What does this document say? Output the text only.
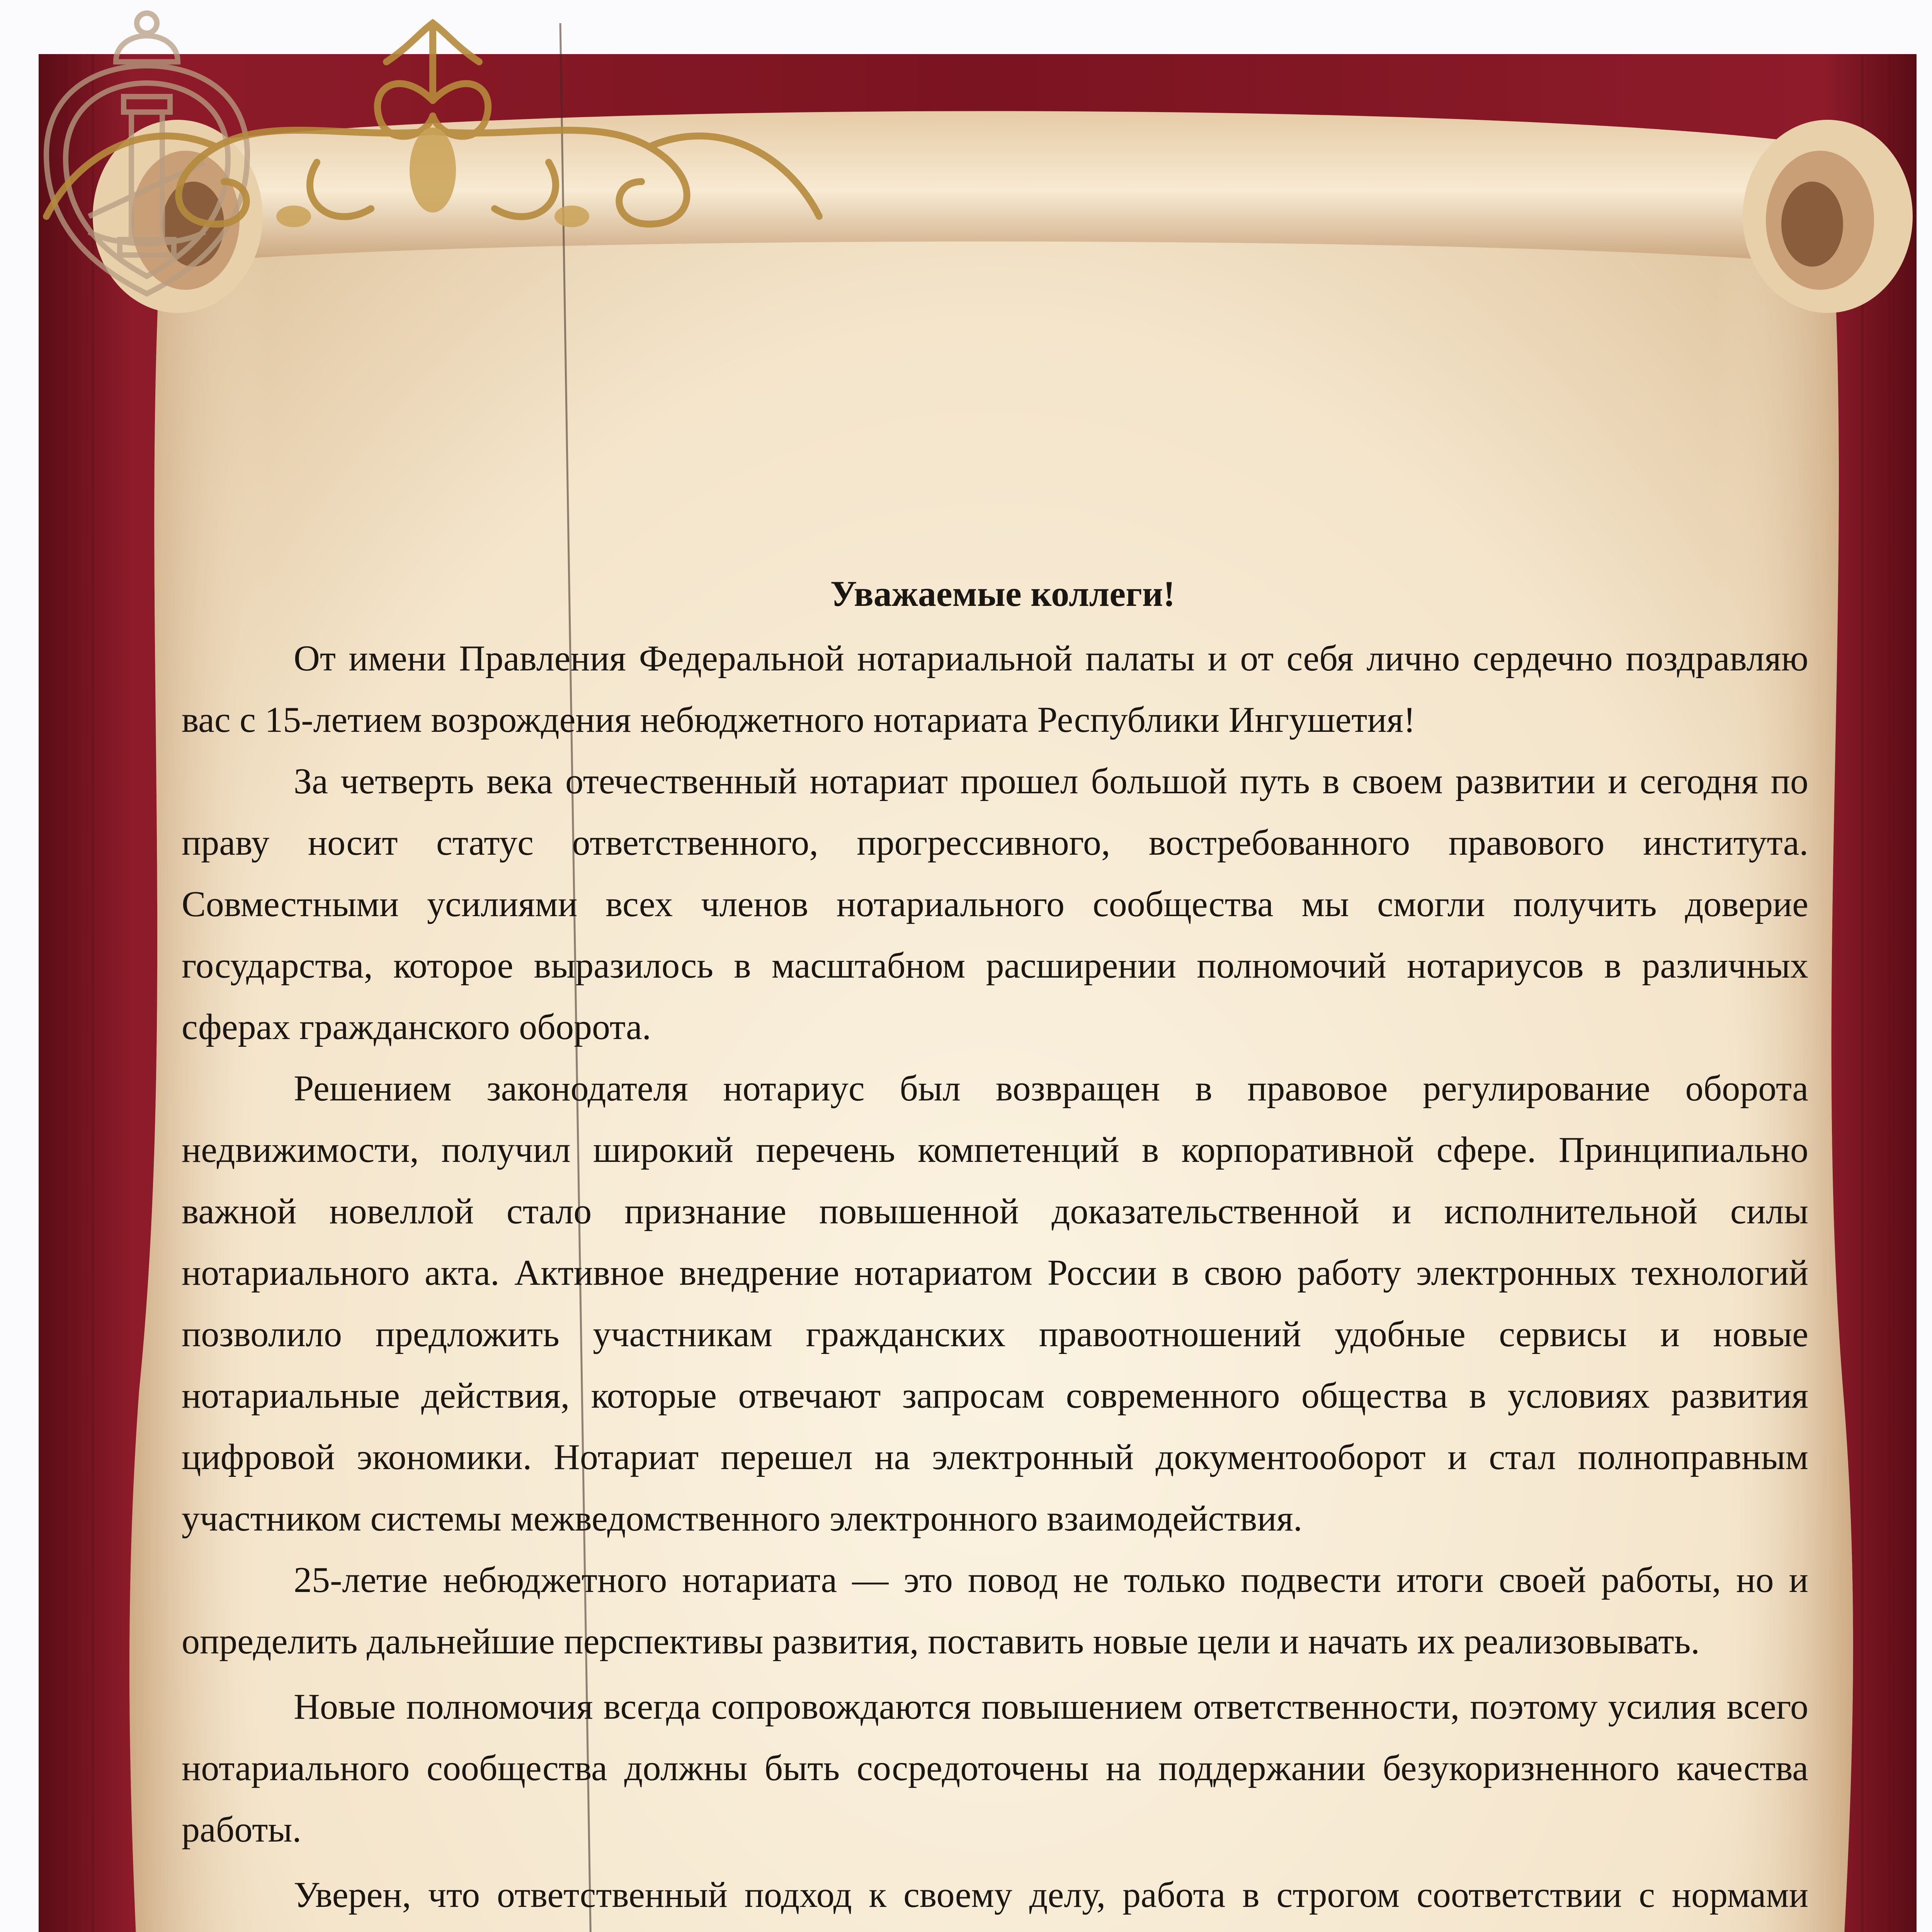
Уважаемые коллеги!

От имени Правления Федеральной нотариальной палаты и от себя лично сердечно поздравляю вас с 15-летием возрождения небюджетного нотариата Республики Ингушетия!

За четверть века отечественный нотариат прошел большой путь в своем развитии и сегодня по праву носит статус ответственного, прогрессивного, востребованного правового института. Совместными усилиями всех членов нотариального сообщества мы смогли получить доверие государства, которое выразилось в масштабном расширении полномочий нотариусов в различных сферах гражданского оборота.

Решением законодателя нотариус был возвращен в правовое регулирование оборота недвижимости, получил широкий перечень компетенций в корпоративной сфере. Принципиально важной новеллой стало признание повышенной доказательственной и исполнительной силы нотариального акта. Активное внедрение нотариатом России в свою работу электронных технологий позволило предложить участникам гражданских правоотношений удобные сервисы и новые нотариальные действия, которые отвечают запросам современного общества в условиях развития цифровой экономики. Нотариат перешел на электронный документооборот и стал полноправным участником системы межведомственного электронного взаимодействия.

25-летие небюджетного нотариата — это повод не только подвести итоги своей работы, но и определить дальнейшие перспективы развития, поставить новые цели и начать их реализовывать.

Новые полномочия всегда сопровождаются повышением ответственности, поэтому усилия всего нотариального сообщества должны быть сосредоточены на поддержании безукоризненного качества работы.

Уверен, что ответственный подход к своему делу, работа в строгом соответствии с нормами
